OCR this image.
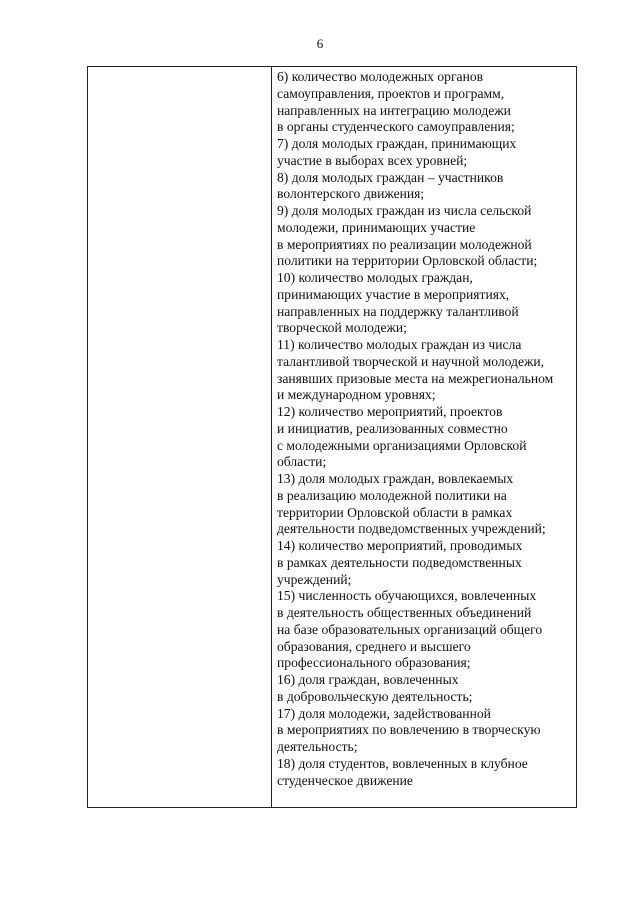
6
6) количество молодежных органов
самоуправления, проектов и программ,
направленных на интеграцию молодежи
в органы студенческого самоуправления;
7) доля молодых граждан, принимающих
участие в выборах всех уровней;
8) доля молодых граждан – участников
волонтерского движения;
9) доля молодых граждан из числа сельской
молодежи, принимающих участие
в мероприятиях по реализации молодежной
политики на территории Орловской области;
10) количество молодых граждан,
принимающих участие в мероприятиях,
направленных на поддержку талантливой
творческой молодежи;
11) количество молодых граждан из числа
талантливой творческой и научной молодежи,
занявших призовые места на межрегиональном
и международном уровнях;
12) количество мероприятий, проектов
и инициатив, реализованных совместно
с молодежными организациями Орловской
области;
13) доля молодых граждан, вовлекаемых
в реализацию молодежной политики на
территории Орловской области в рамках
деятельности подведомственных учреждений;
14) количество мероприятий, проводимых
в рамках деятельности подведомственных
учреждений;
15) численность обучающихся, вовлеченных
в деятельность общественных объединений
на базе образовательных организаций общего
образования, среднего и высшего
профессионального образования;
16) доля граждан, вовлеченных
в добровольческую деятельность;
17) доля молодежи, задействованной
в мероприятиях по вовлечению в творческую
деятельность;
18) доля студентов, вовлеченных в клубное
студенческое движение
